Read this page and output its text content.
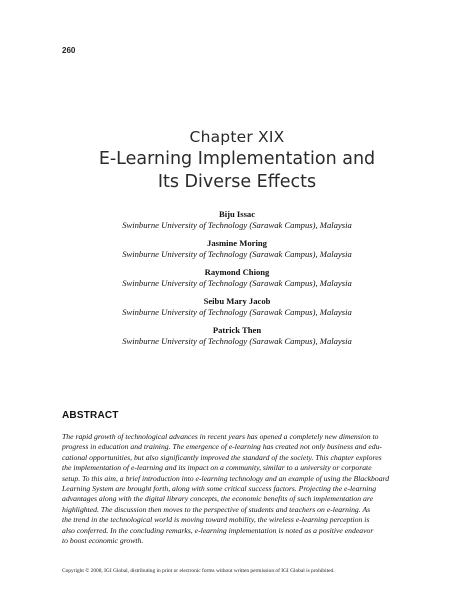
260
Chapter XIX
E-Learning Implementation and
Its Diverse Effects
Biju Issac
Swinburne University of Technology (Sarawak Campus), Malaysia
Jasmine Moring
Swinburne University of Technology (Sarawak Campus), Malaysia
Raymond Chiong
Swinburne University of Technology (Sarawak Campus), Malaysia
Seibu Mary Jacob
Swinburne University of Technology (Sarawak Campus), Malaysia
Patrick Then
Swinburne University of Technology (Sarawak Campus), Malaysia
ABSTRACT
The rapid growth of technological advances in recent years has opened a completely new dimension to
progress in education and training. The emergence of e-learning has created not only business and edu-
cational opportunities, but also significantly improved the standard of the society. This chapter explores
the implementation of e-learning and its impact on a community, similar to a university or corporate
setup. To this aim, a brief introduction into e-learning technology and an example of using the Blackboard
Learning System are brought forth, along with some critical success factors. Projecting the e-learning
advantages along with the digital library concepts, the economic benefits of such implementation are
highlighted. The discussion then moves to the perspective of students and teachers on e-learning. As
the trend in the technological world is moving toward mobility, the wireless e-learning perception is
also conferred. In the concluding remarks, e-learning implementation is noted as a positive endeavor
to boost economic growth.
Copyright © 2008, IGI Global, distributing in print or electronic forms without written permission of IGI Global is prohibited.
